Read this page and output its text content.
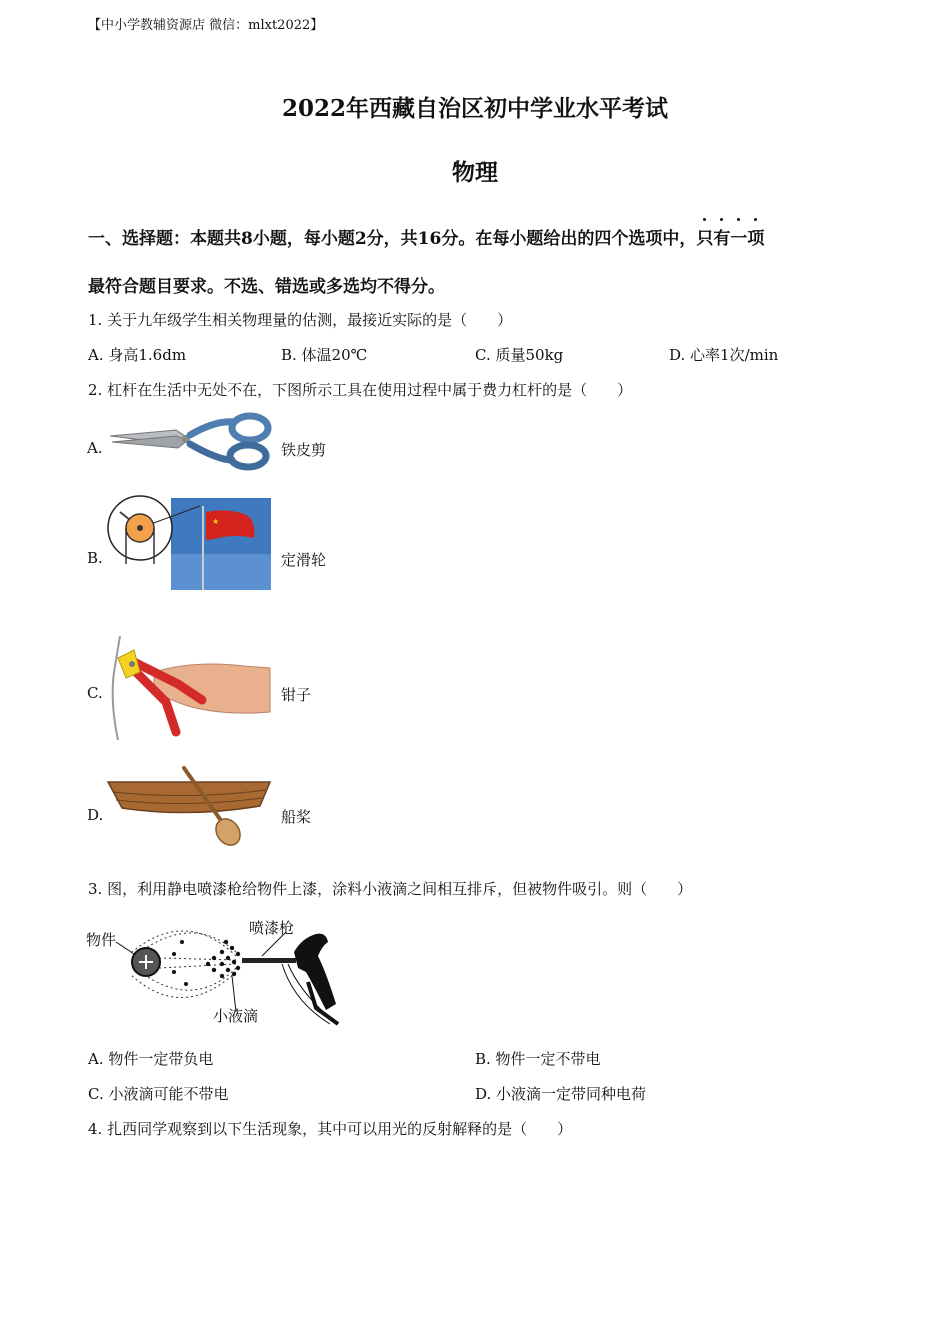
【中小学教辅资源店 微信：mlxt2022】
2022年西藏自治区初中学业水平考试
物理
一、选择题：本题共8小题，每小题2分，共16分。在每小题给出的四个选项中，只有一项
最符合题目要求。不选、错选或多选均不得分。
1. 关于九年级学生相关物理量的估测，最接近实际的是（　　）
A. 身高1.6dm	B. 体温20℃	C. 质量50kg	D. 心率1次/min
2. 杠杆在生活中无处不在，下图所示工具在使用过程中属于费力杠杆的是（　　）
A.	铁皮剪
B.
★
定滑轮
C.	钳子
D.	船桨
3. 图，利用静电喷漆枪给物件上漆，涂料小液滴之间相互排斥，但被物件吸引。则（　　）
物件
喷漆枪
小液滴
A. 物件一定带负电	B. 物件一定不带电
C. 小液滴可能不带电	D. 小液滴一定带同种电荷
4. 扎西同学观察到以下生活现象，其中可以用光的反射解释的是（　　）
